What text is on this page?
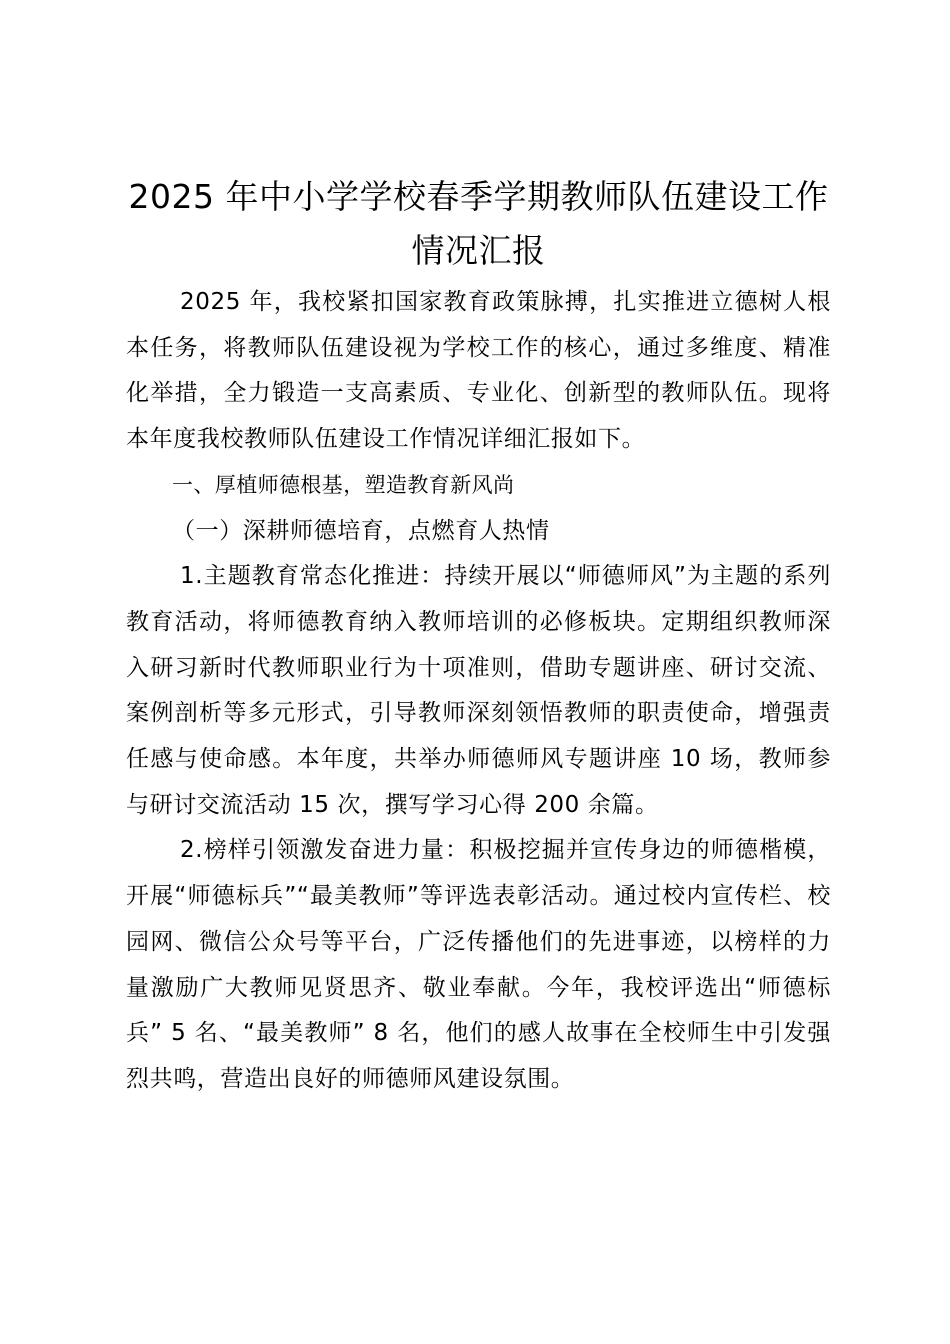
2025 年中小学学校春季学期教师队伍建设工作情况汇报

2025 年，我校紧扣国家教育政策脉搏，扎实推进立德树人根本任务，将教师队伍建设视为学校工作的核心，通过多维度、精准化举措，全力锻造一支高素质、专业化、创新型的教师队伍。现将本年度我校教师队伍建设工作情况详细汇报如下。

一、厚植师德根基，塑造教育新风尚

（一）深耕师德培育，点燃育人热情

1.主题教育常态化推进：持续开展以“师德师风”为主题的系列教育活动，将师德教育纳入教师培训的必修板块。定期组织教师深入研习新时代教师职业行为十项准则，借助专题讲座、研讨交流、案例剖析等多元形式，引导教师深刻领悟教师的职责使命，增强责任感与使命感。本年度，共举办师德师风专题讲座 10 场，教师参与研讨交流活动 15 次，撰写学习心得 200 余篇。

2.榜样引领激发奋进力量：积极挖掘并宣传身边的师德楷模，开展“师德标兵”“最美教师”等评选表彰活动。通过校内宣传栏、校园网、微信公众号等平台，广泛传播他们的先进事迹，以榜样的力量激励广大教师见贤思齐、敬业奉献。今年，我校评选出“师德标兵” 5 名、“最美教师” 8 名，他们的感人故事在全校师生中引发强烈共鸣，营造出良好的师德师风建设氛围。
